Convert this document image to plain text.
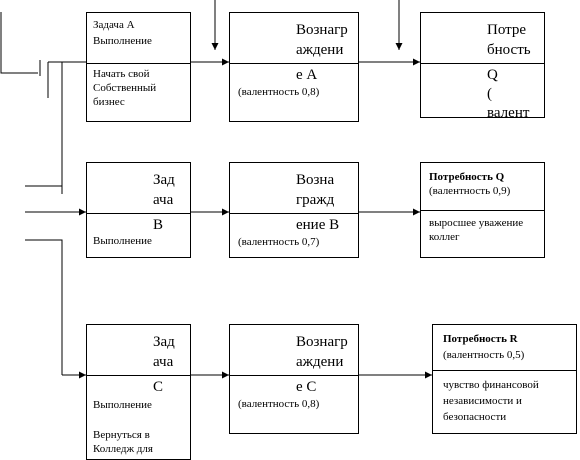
Задача А
Выполнение
Начать свой
Собственный
бизнес
Вознагр
аждени
е А
(валентность 0,8)
Потре
бность
Q
(
валент
Зад
ача
В
Выполнение
Возна
гражд
ение В
(валентность 0,7)
Потребность Q
(валентность 0,9)
выросшее уважение
коллег
Зад
ача
С
Выполнение
Вернуться в
Колледж для
Вознагр
аждени
е С
(валентность 0,8)
Потребность R
(валентность 0,5)
чувство финансовой
независимости и
безопасности
